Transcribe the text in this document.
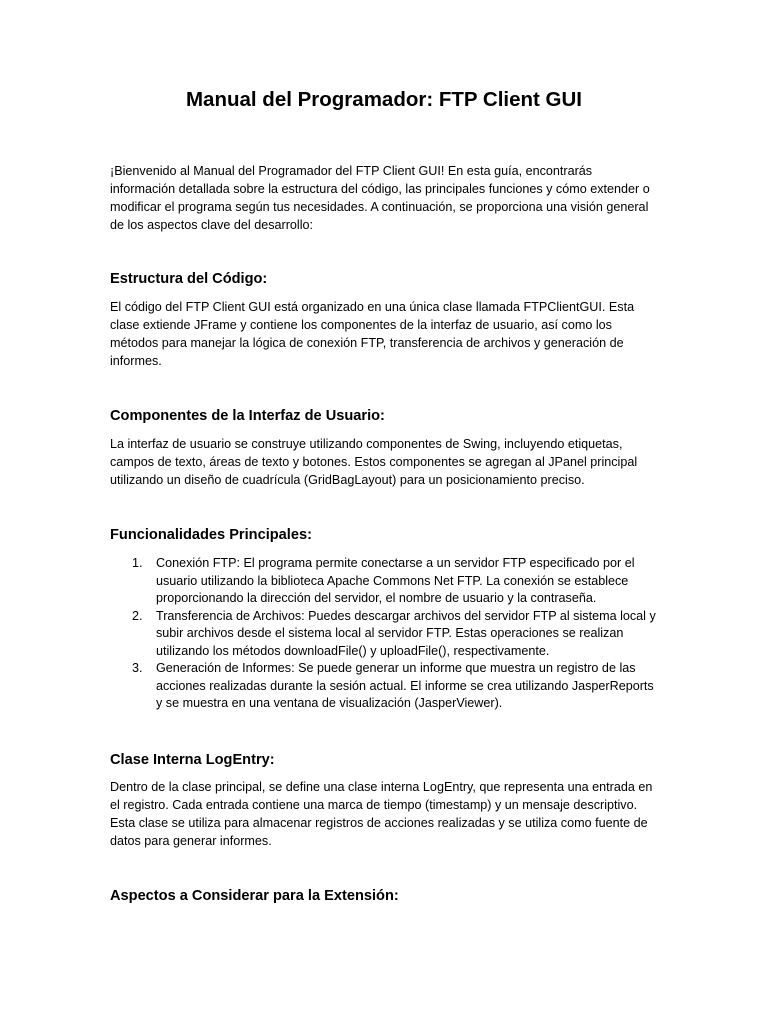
Manual del Programador: FTP Client GUI

¡Bienvenido al Manual del Programador del FTP Client GUI! En esta guía, encontrarás información detallada sobre la estructura del código, las principales funciones y cómo extender o modificar el programa según tus necesidades. A continuación, se proporciona una visión general de los aspectos clave del desarrollo:

Estructura del Código:

El código del FTP Client GUI está organizado en una única clase llamada FTPClientGUI. Esta clase extiende JFrame y contiene los componentes de la interfaz de usuario, así como los métodos para manejar la lógica de conexión FTP, transferencia de archivos y generación de informes.

Componentes de la Interfaz de Usuario:

La interfaz de usuario se construye utilizando componentes de Swing, incluyendo etiquetas, campos de texto, áreas de texto y botones. Estos componentes se agregan al JPanel principal utilizando un diseño de cuadrícula (GridBagLayout) para un posicionamiento preciso.

Funcionalidades Principales:
1. Conexión FTP: El programa permite conectarse a un servidor FTP especificado por el usuario utilizando la biblioteca Apache Commons Net FTP. La conexión se establece proporcionando la dirección del servidor, el nombre de usuario y la contraseña.
2. Transferencia de Archivos: Puedes descargar archivos del servidor FTP al sistema local y subir archivos desde el sistema local al servidor FTP. Estas operaciones se realizan utilizando los métodos downloadFile() y uploadFile(), respectivamente.
3. Generación de Informes: Se puede generar un informe que muestra un registro de las acciones realizadas durante la sesión actual. El informe se crea utilizando JasperReports y se muestra en una ventana de visualización (JasperViewer).
Clase Interna LogEntry:

Dentro de la clase principal, se define una clase interna LogEntry, que representa una entrada en el registro. Cada entrada contiene una marca de tiempo (timestamp) y un mensaje descriptivo. Esta clase se utiliza para almacenar registros de acciones realizadas y se utiliza como fuente de datos para generar informes.

Aspectos a Considerar para la Extensión:
